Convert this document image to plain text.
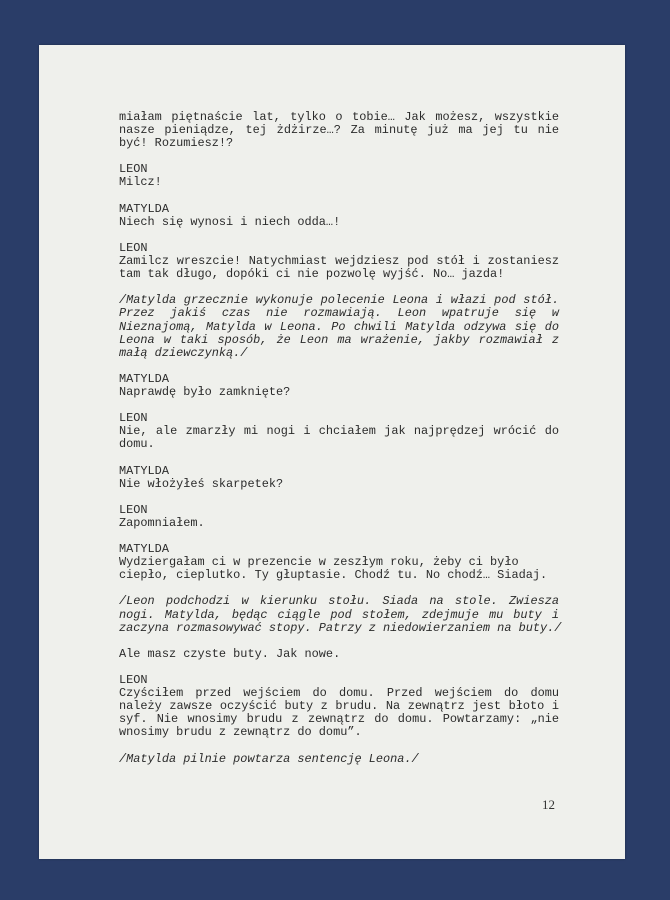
miałam piętnaście lat, tylko o tobie… Jak możesz, wszystkie
nasze pieniądze, tej żdżirze…? Za minutę już ma jej tu nie
być! Rozumiesz!?
LEON
Milcz!
MATYLDA
Niech się wynosi i niech odda…!
LEON
Zamilcz wreszcie! Natychmiast wejdziesz pod stół i zostaniesz
tam tak długo, dopóki ci nie pozwolę wyjść. No… jazda!
/Matylda grzecznie wykonuje polecenie Leona i włazi pod stół.
Przez jakiś czas nie rozmawiają. Leon wpatruje się w
Nieznajomą, Matylda w Leona. Po chwili Matylda odzywa się do
Leona w taki sposób, że Leon ma wrażenie, jakby rozmawiał z
małą dziewczynką./
MATYLDA
Naprawdę było zamknięte?
LEON
Nie, ale zmarzły mi nogi i chciałem jak najprędzej wrócić do
domu.
MATYLDA
Nie włożyłeś skarpetek?
LEON
Zapomniałem.
MATYLDA
Wydziergałam ci w prezencie w zeszłym roku, żeby ci było
ciepło, cieplutko. Ty głuptasie. Chodź tu. No chodź… Siadaj.
/Leon podchodzi w kierunku stołu. Siada na stole. Zwiesza
nogi. Matylda, będąc ciągle pod stołem, zdejmuje mu buty i
zaczyna rozmasowywać stopy. Patrzy z niedowierzaniem na buty./
Ale masz czyste buty. Jak nowe.
LEON
Czyściłem przed wejściem do domu. Przed wejściem do domu
należy zawsze oczyścić buty z brudu. Na zewnątrz jest błoto i
syf. Nie wnosimy brudu z zewnątrz do domu. Powtarzamy: „nie
wnosimy brudu z zewnątrz do domu”.
/Matylda pilnie powtarza sentencję Leona./
12
